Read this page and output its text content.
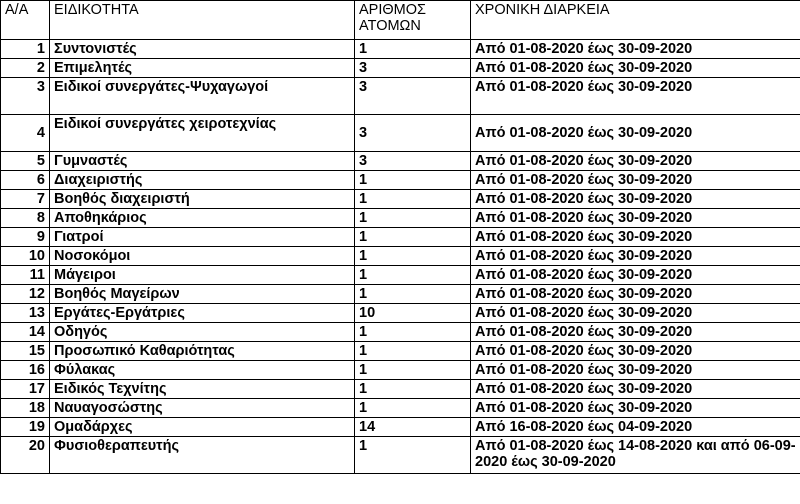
Α/Α	ΕΙΔΙΚΟΤΗΤΑ	ΑΡΙΘΜΟΣ ΑΤΟΜΩΝ	ΧΡΟΝΙΚΗ ΔΙΑΡΚΕΙΑ
1	Συντονιστές	1	Από 01-08-2020 έως 30-09-2020
2	Επιμελητές	3	Από 01-08-2020 έως 30-09-2020
3	Ειδικοί συνεργάτες-Ψυχαγωγοί	3	Από 01-08-2020 έως 30-09-2020
4	Ειδικοί συνεργάτες χειροτεχνίας	3	Από 01-08-2020 έως 30-09-2020
5	Γυμναστές	3	Από 01-08-2020 έως 30-09-2020
6	Διαχειριστής	1	Από 01-08-2020 έως 30-09-2020
7	Βοηθός διαχειριστή	1	Από 01-08-2020 έως 30-09-2020
8	Αποθηκάριος	1	Από 01-08-2020 έως 30-09-2020
9	Γιατροί	1	Από 01-08-2020 έως 30-09-2020
10	Νοσοκόμοι	1	Από 01-08-2020 έως 30-09-2020
11	Μάγειροι	1	Από 01-08-2020 έως 30-09-2020
12	Βοηθός Μαγείρων	1	Από 01-08-2020 έως 30-09-2020
13	Εργάτες-Εργάτριες	10	Από 01-08-2020 έως 30-09-2020
14	Οδηγός	1	Από 01-08-2020 έως 30-09-2020
15	Προσωπικό Καθαριότητας	1	Από 01-08-2020 έως 30-09-2020
16	Φύλακας	1	Από 01-08-2020 έως 30-09-2020
17	Ειδικός Τεχνίτης	1	Από 01-08-2020 έως 30-09-2020
18	Ναυαγοσώστης	1	Από 01-08-2020 έως 30-09-2020
19	Ομαδάρχες	14	Από 16-08-2020 έως 04-09-2020
20	Φυσιοθεραπευτής	1	Από 01-08-2020 έως 14-08-2020 και από 06-09-2020 έως 30-09-2020
